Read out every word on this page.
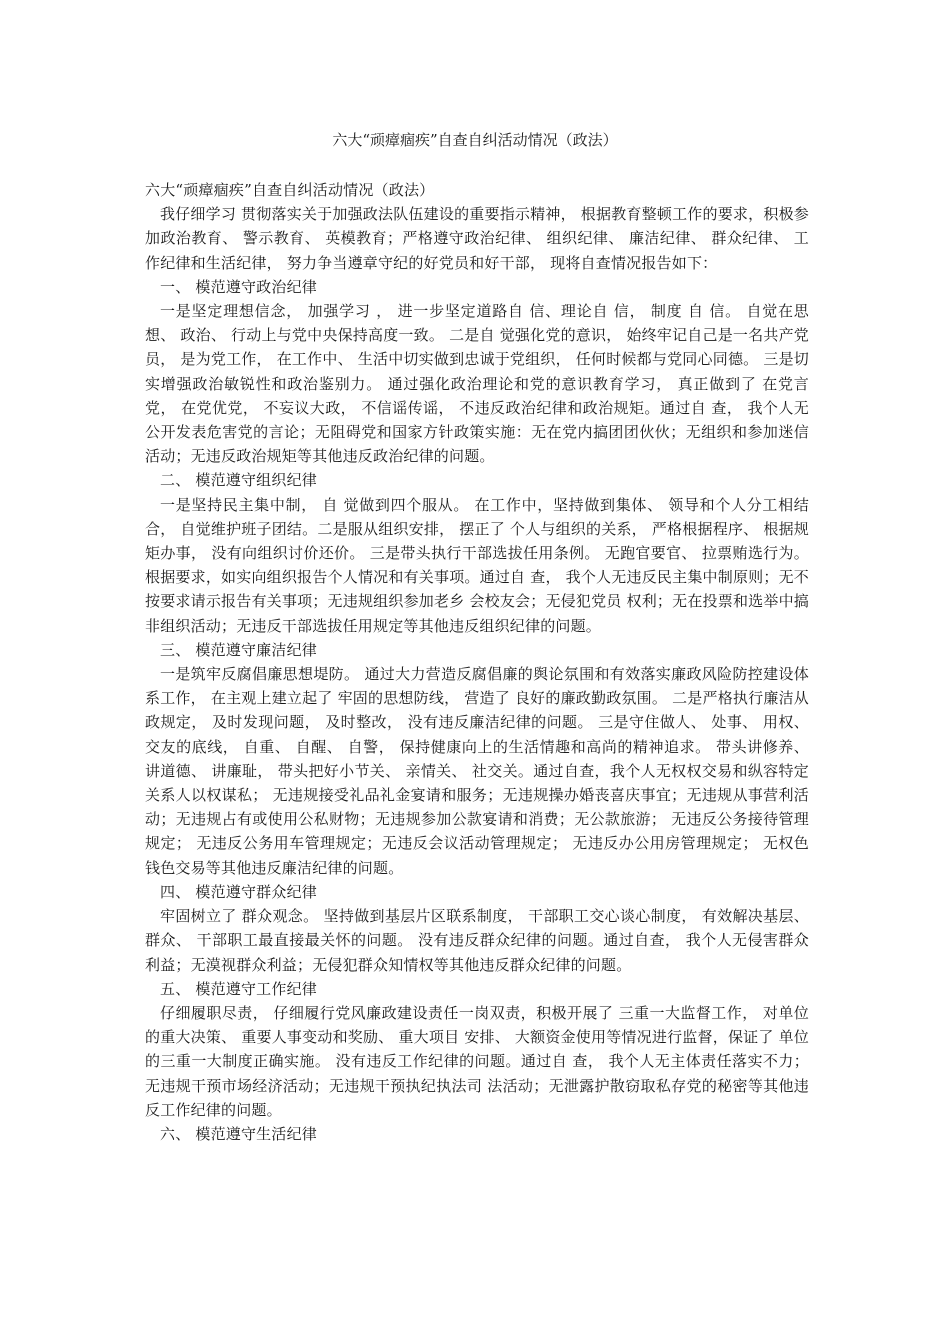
六大“顽瘴痼疾”自查自纠活动情况（政法）

六大“顽瘴痼疾”自查自纠活动情况（政法）

我仔细学习 贯彻落实关于加强政法队伍建设的重要指示精神， 根据教育整顿工作的要求，积极参加政治教育、 警示教育、 英模教育；严格遵守政治纪律、 组织纪律、 廉洁纪律、 群众纪律、 工作纪律和生活纪律， 努力争当遵章守纪的好党员和好干部， 现将自查情况报告如下：

一、 模范遵守政治纪律

一是坚定理想信念， 加强学习 ， 进一步坚定道路自 信、理论自 信， 制度 自 信。 自觉在思想、 政治、 行动上与党中央保持高度一致。 二是自 觉强化党的意识， 始终牢记自己是一名共产党员， 是为党工作， 在工作中、 生活中切实做到忠诚于党组织， 任何时候都与党同心同德。 三是切实增强政治敏锐性和政治鉴别力。 通过强化政治理论和党的意识教育学习， 真正做到了 在党言党， 在党优党， 不妄议大政， 不信谣传谣， 不违反政治纪律和政治规矩。通过自 查， 我个人无公开发表危害党的言论；无阻碍党和国家方针政策实施：无在党内搞团团伙伙；无组织和参加迷信活动；无违反政治规矩等其他违反政治纪律的问题。

二、 模范遵守组织纪律

一是坚持民主集中制， 自 觉做到四个服从。 在工作中，坚持做到集体、 领导和个人分工相结合， 自觉维护班子团结。二是服从组织安排， 摆正了 个人与组织的关系， 严格根据程序、 根据规矩办事， 没有向组织讨价还价。 三是带头执行干部选拔任用条例。 无跑官要官、 拉票贿选行为。 根据要求，如实向组织报告个人情况和有关事项。通过自 查， 我个人无违反民主集中制原则；无不按要求请示报告有关事项；无违规组织参加老乡 会校友会；无侵犯党员 权利；无在投票和选举中搞非组织活动；无违反干部选拔任用规定等其他违反组织纪律的问题。

三、 模范遵守廉洁纪律

一是筑牢反腐倡廉思想堤防。 通过大力营造反腐倡廉的舆论氛围和有效落实廉政风险防控建设体系工作， 在主观上建立起了 牢固的思想防线， 营造了 良好的廉政勤政氛围。 二是严格执行廉洁从政规定， 及时发现问题， 及时整改， 没有违反廉洁纪律的问题。 三是守住做人、 处事、 用权、 交友的底线， 自重、 自醒、 自警， 保持健康向上的生活情趣和高尚的精神追求。 带头讲修养、 讲道德、 讲廉耻， 带头把好小节关、 亲情关、 社交关。通过自查，我个人无权权交易和纵容特定关系人以权谋私； 无违规接受礼品礼金宴请和服务；无违规操办婚丧喜庆事宜；无违规从事营利活动；无违规占有或使用公私财物；无违规参加公款宴请和消费；无公款旅游； 无违反公务接待管理规定； 无违反公务用车管理规定；无违反会议活动管理规定； 无违反办公用房管理规定； 无权色钱色交易等其他违反廉洁纪律的问题。

四、 模范遵守群众纪律

牢固树立了 群众观念。 坚持做到基层片区联系制度， 干部职工交心谈心制度， 有效解决基层、 群众、 干部职工最直接最关怀的问题。 没有违反群众纪律的问题。通过自查， 我个人无侵害群众利益；无漠视群众利益；无侵犯群众知情权等其他违反群众纪律的问题。

五、 模范遵守工作纪律

仔细履职尽责， 仔细履行党风廉政建设责任一岗双责，积极开展了 三重一大监督工作， 对单位的重大决策、 重要人事变动和奖励、 重大项目 安排、 大额资金使用等情况进行监督，保证了 单位的三重一大制度正确实施。 没有违反工作纪律的问题。通过自 查， 我个人无主体责任落实不力；无违规干预市场经济活动；无违规干预执纪执法司 法活动；无泄露护散窃取私存党的秘密等其他违反工作纪律的问题。

六、 模范遵守生活纪律
